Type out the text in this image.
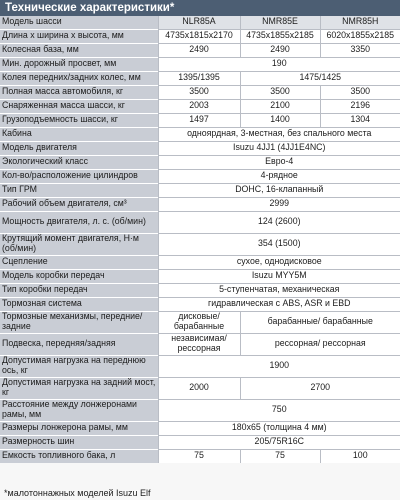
Технические характеристики*
Модель шасси	NLR85A	NMR85E	NMR85H
Длина х ширина х высота, мм	4735x1815x2170	4735x1855x2185	6020x1855x2185
Колесная база, мм	2490	2490	3350
Мин. дорожный просвет, мм	190		
Колея передних/задних колес, мм	1395/1395	1475/1425	
Полная масса автомобиля, кг	3500	3500	3500
Снаряженная масса шасси, кг	2003	2100	2196
Грузоподъемность шасси, кг	1497	1400	1304
Кабина	одноярдная, 3-местная, без спального места		
Модель двигателя	Isuzu 4JJ1 (4JJ1E4NC)		
Экологический класс	Евро-4		
Кол-во/расположение цилиндров	4-рядное		
Тип ГРМ	DOHC, 16-клапанный		
Рабочий объем двигателя, см³	2999		
Мощность двигателя, л. с. (об/мин)	124 (2600)		
Крутящий момент двигателя, Н·м (об/мин)	354 (1500)		
Сцепление	сухое, однодисковое		
Модель коробки передач	Isuzu MYY5M		
Тип коробки передач	5-ступенчатая, механическая		
Тормозная система	гидравлическая с ABS, ASR и EBD		
Тормозные механизмы, передние/задние	дисковые/ барабанные	барабанные/ барабанные	
Подвеска, передняя/задняя	независимая/ рессорная	рессорная/ рессорная	
Допустимая нагрузка на переднюю ось, кг	1900		
Допустимая нагрузка на задний мост, кг	2000	2700	
Расстояние между лонжеронами рамы, мм	750		
Размеры лонжерона рамы, мм	180x65 (толщина 4 мм)		
Размерность шин	205/75R16C		
Емкость топливного бака, л	75	75	100
*малотоннажных моделей Isuzu Elf
